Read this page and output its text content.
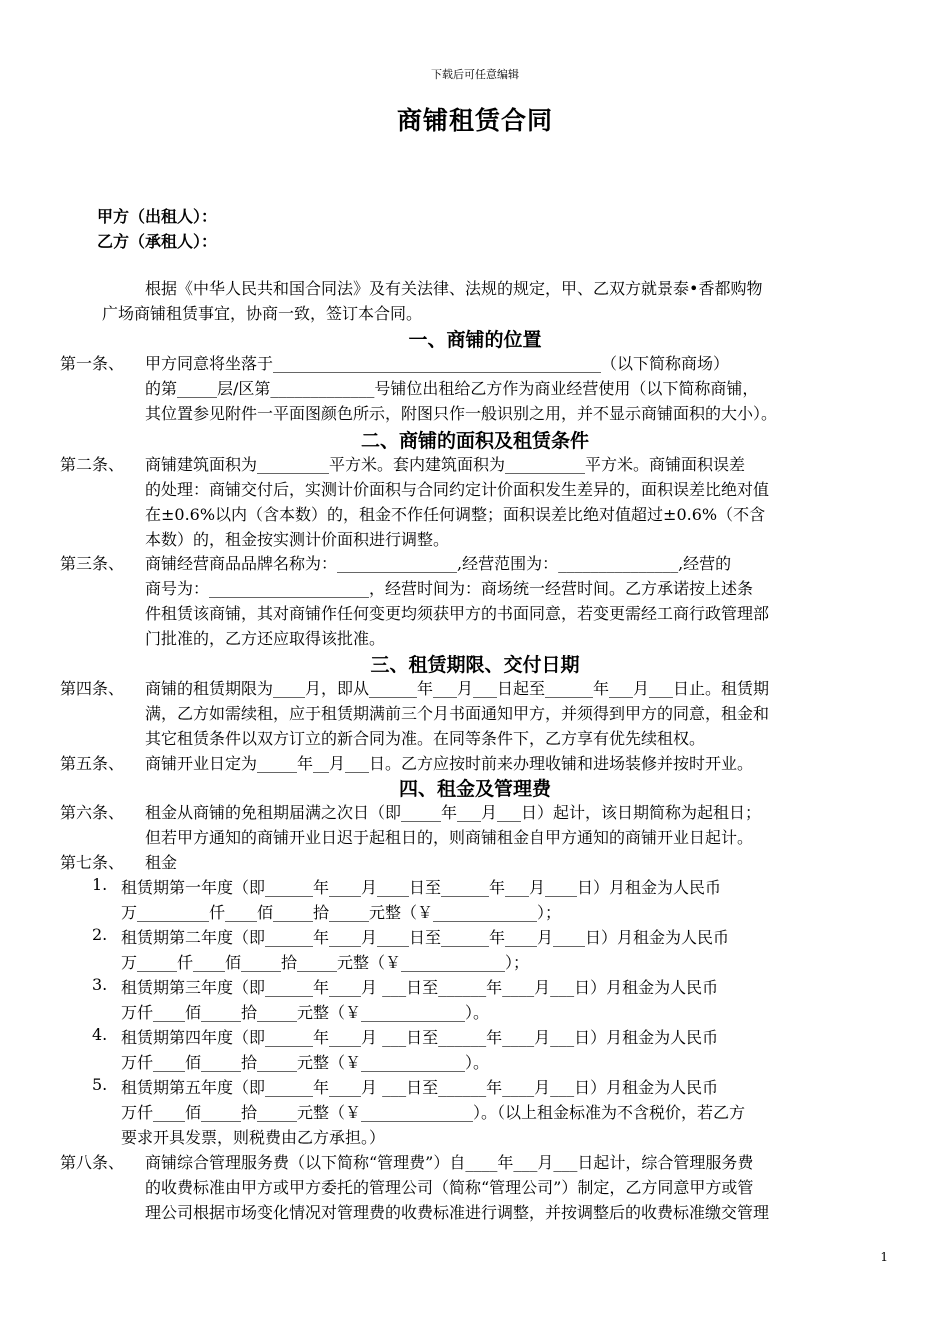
下载后可任意编辑
商铺租赁合同
甲方（出租人）：
乙方（承租人）：
根据《中华人民共和国合同法》及有关法律、法规的规定，甲、乙双方就景泰•香都购物
广场商铺租赁事宜，协商一致，签订本合同。
一、商铺的位置
第一条、 甲方同意将坐落于_________________________________________（以下简称商场）
的第_____层/区第_____________号铺位出租给乙方作为商业经营使用（以下简称商铺，
其位置参见附件一平面图颜色所示，附图只作一般识别之用，并不显示商铺面积的大小）。
二、商铺的面积及租赁条件
第二条、 商铺建筑面积为_________平方米。套内建筑面积为__________平方米。商铺面积误差
的处理：商铺交付后，实测计价面积与合同约定计价面积发生差异的，面积误差比绝对值
在±0.6%以内（含本数）的，租金不作任何调整；面积误差比绝对值超过±0.6%（不含
本数）的，租金按实测计价面积进行调整。
第三条、 商铺经营商品品牌名称为：_______________,经营范围为：_______________,经营的
商号为：____________________，经营时间为：商场统一经营时间。乙方承诺按上述条
件租赁该商铺，其对商铺作任何变更均须获甲方的书面同意，若变更需经工商行政管理部
门批准的，乙方还应取得该批准。
三、租赁期限、交付日期
第四条、 商铺的租赁期限为____月，即从______年___月___日起至______年___月___日止。租赁期
满，乙方如需续租，应于租赁期满前三个月书面通知甲方，并须得到甲方的同意，租金和
其它租赁条件以双方订立的新合同为准。在同等条件下，乙方享有优先续租权。
第五条、 商铺开业日定为_____年__月___日。乙方应按时前来办理收铺和进场装修并按时开业。
四、租金及管理费
第六条、 租金从商铺的免租期届满之次日（即_____年___月___日）起计，该日期简称为起租日；
但若甲方通知的商铺开业日迟于起租日的，则商铺租金自甲方通知的商铺开业日起计。
第七条、 租金
1. 租赁期第一年度（即______年____月____日至______年___月____日）月租金为人民币
万_________仟____佰_____拾_____元整（￥_____________）；
2. 租赁期第二年度（即______年____月____日至______年____月____日）月租金为人民币
万_____仟____佰_____拾_____元整（￥_____________）；
3. 租赁期第三年度（即______年____月 ___日至______年____月___日）月租金为人民币
万仟____佰_____拾_____元整（￥_____________）。
4. 租赁期第四年度（即______年____月 ___日至______年____月___日）月租金为人民币
万仟____佰_____拾_____元整（￥_____________）。
5. 租赁期第五年度（即______年____月 ___日至______年____月___日）月租金为人民币
万仟____佰_____拾_____元整（￥______________）。（以上租金标准为不含税价，若乙方
要求开具发票，则税费由乙方承担。）
第八条、 商铺综合管理服务费（以下简称“管理费”）自____年___月___日起计，综合管理服务费
的收费标准由甲方或甲方委托的管理公司（简称“管理公司”）制定，乙方同意甲方或管
理公司根据市场变化情况对管理费的收费标准进行调整，并按调整后的收费标准缴交管理
1
